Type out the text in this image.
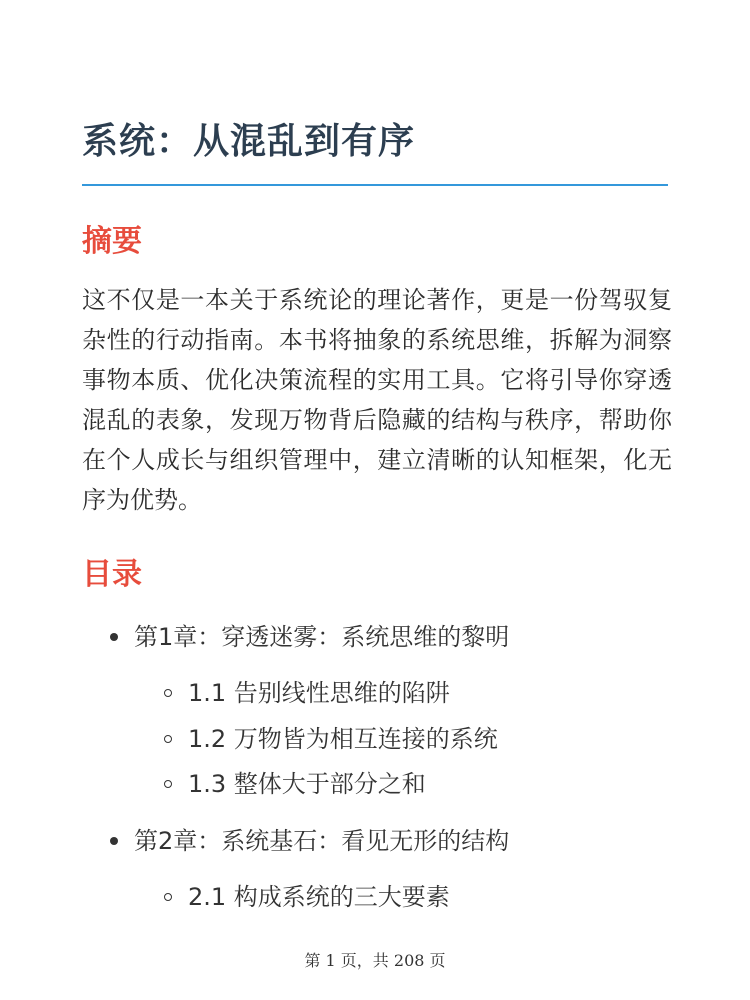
系统：从混乱到有序
摘要

这不仅是一本关于系统论的理论著作，更是一份驾驭复杂性的行动指南。本书将抽象的系统思维，拆解为洞察事物本质、优化决策流程的实用工具。它将引导你穿透混乱的表象，发现万物背后隐藏的结构与秩序，帮助你在个人成长与组织管理中，建立清晰的认知框架，化无序为优势。

目录
第1章：穿透迷雾：系统思维的黎明
1.1 告别线性思维的陷阱
1.2 万物皆为相互连接的系统
1.3 整体大于部分之和
第2章：系统基石：看见无形的结构
2.1 构成系统的三大要素
第 1 页，共 208 页
